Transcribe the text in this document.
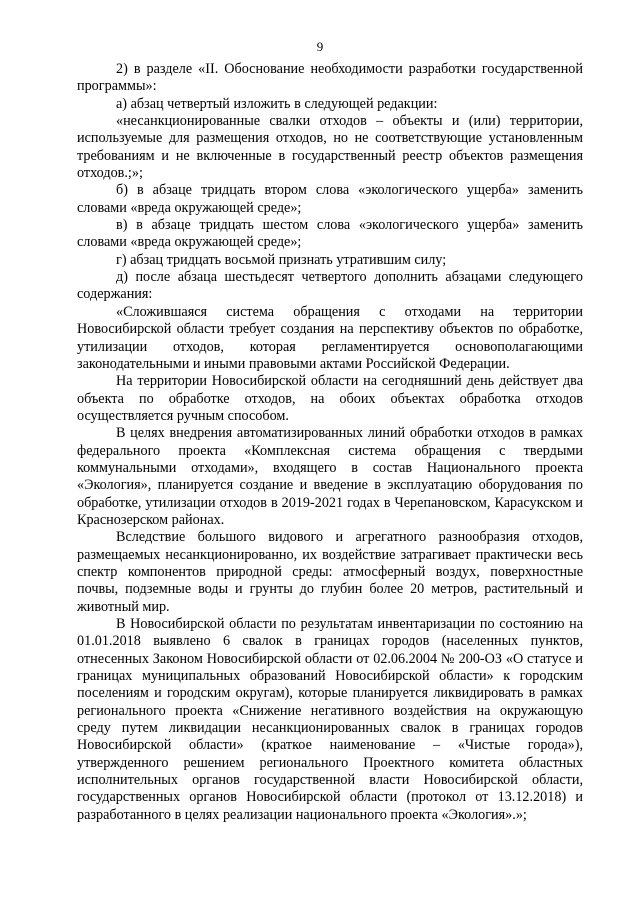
9

2) в разделе «II. Обоснование необходимости разработки государственной программы»:

а) абзац четвертый изложить в следующей редакции:

«несанкционированные свалки отходов – объекты и (или) территории, используемые для размещения отходов, но не соответствующие установленным требованиям и не включенные в государственный реестр объектов размещения отходов.;»;

б) в абзаце тридцать втором слова «экологического ущерба» заменить словами «вреда окружающей среде»;

в) в абзаце тридцать шестом слова «экологического ущерба» заменить словами «вреда окружающей среде»;

г) абзац тридцать восьмой признать утратившим силу;

д) после абзаца шестьдесят четвертого дополнить абзацами следующего содержания:

«Сложившаяся система обращения с отходами на территории Новосибирской области требует создания на перспективу объектов по обработке, утилизации отходов, которая регламентируется основополагающими законодательными и иными правовыми актами Российской Федерации.

На территории Новосибирской области на сегодняшний день действует два объекта по обработке отходов, на обоих объектах обработка отходов осуществляется ручным способом.

В целях внедрения автоматизированных линий обработки отходов в рамках федерального проекта «Комплексная система обращения с твердыми коммунальными отходами», входящего в состав Национального проекта «Экология», планируется создание и введение в эксплуатацию оборудования по обработке, утилизации отходов в 2019-2021 годах в Черепановском, Карасукском и Краснозерском районах.

Вследствие большого видового и агрегатного разнообразия отходов, размещаемых несанкционированно, их воздействие затрагивает практически весь спектр компонентов природной среды: атмосферный воздух, поверхностные почвы, подземные воды и грунты до глубин более 20 метров, растительный и животный мир.

В Новосибирской области по результатам инвентаризации по состоянию на 01.01.2018 выявлено 6 свалок в границах городов (населенных пунктов, отнесенных Законом Новосибирской области от 02.06.2004 № 200-ОЗ «О статусе и границах муниципальных образований Новосибирской области» к городским поселениям и городским округам), которые планируется ликвидировать в рамках регионального проекта «Снижение негативного воздействия на окружающую среду путем ликвидации несанкционированных свалок в границах городов Новосибирской области» (краткое наименование – «Чистые города»), утвержденного решением регионального Проектного комитета областных исполнительных органов государственной власти Новосибирской области, государственных органов Новосибирской области (протокол от 13.12.2018) и разработанного в целях реализации национального проекта «Экология».»;
